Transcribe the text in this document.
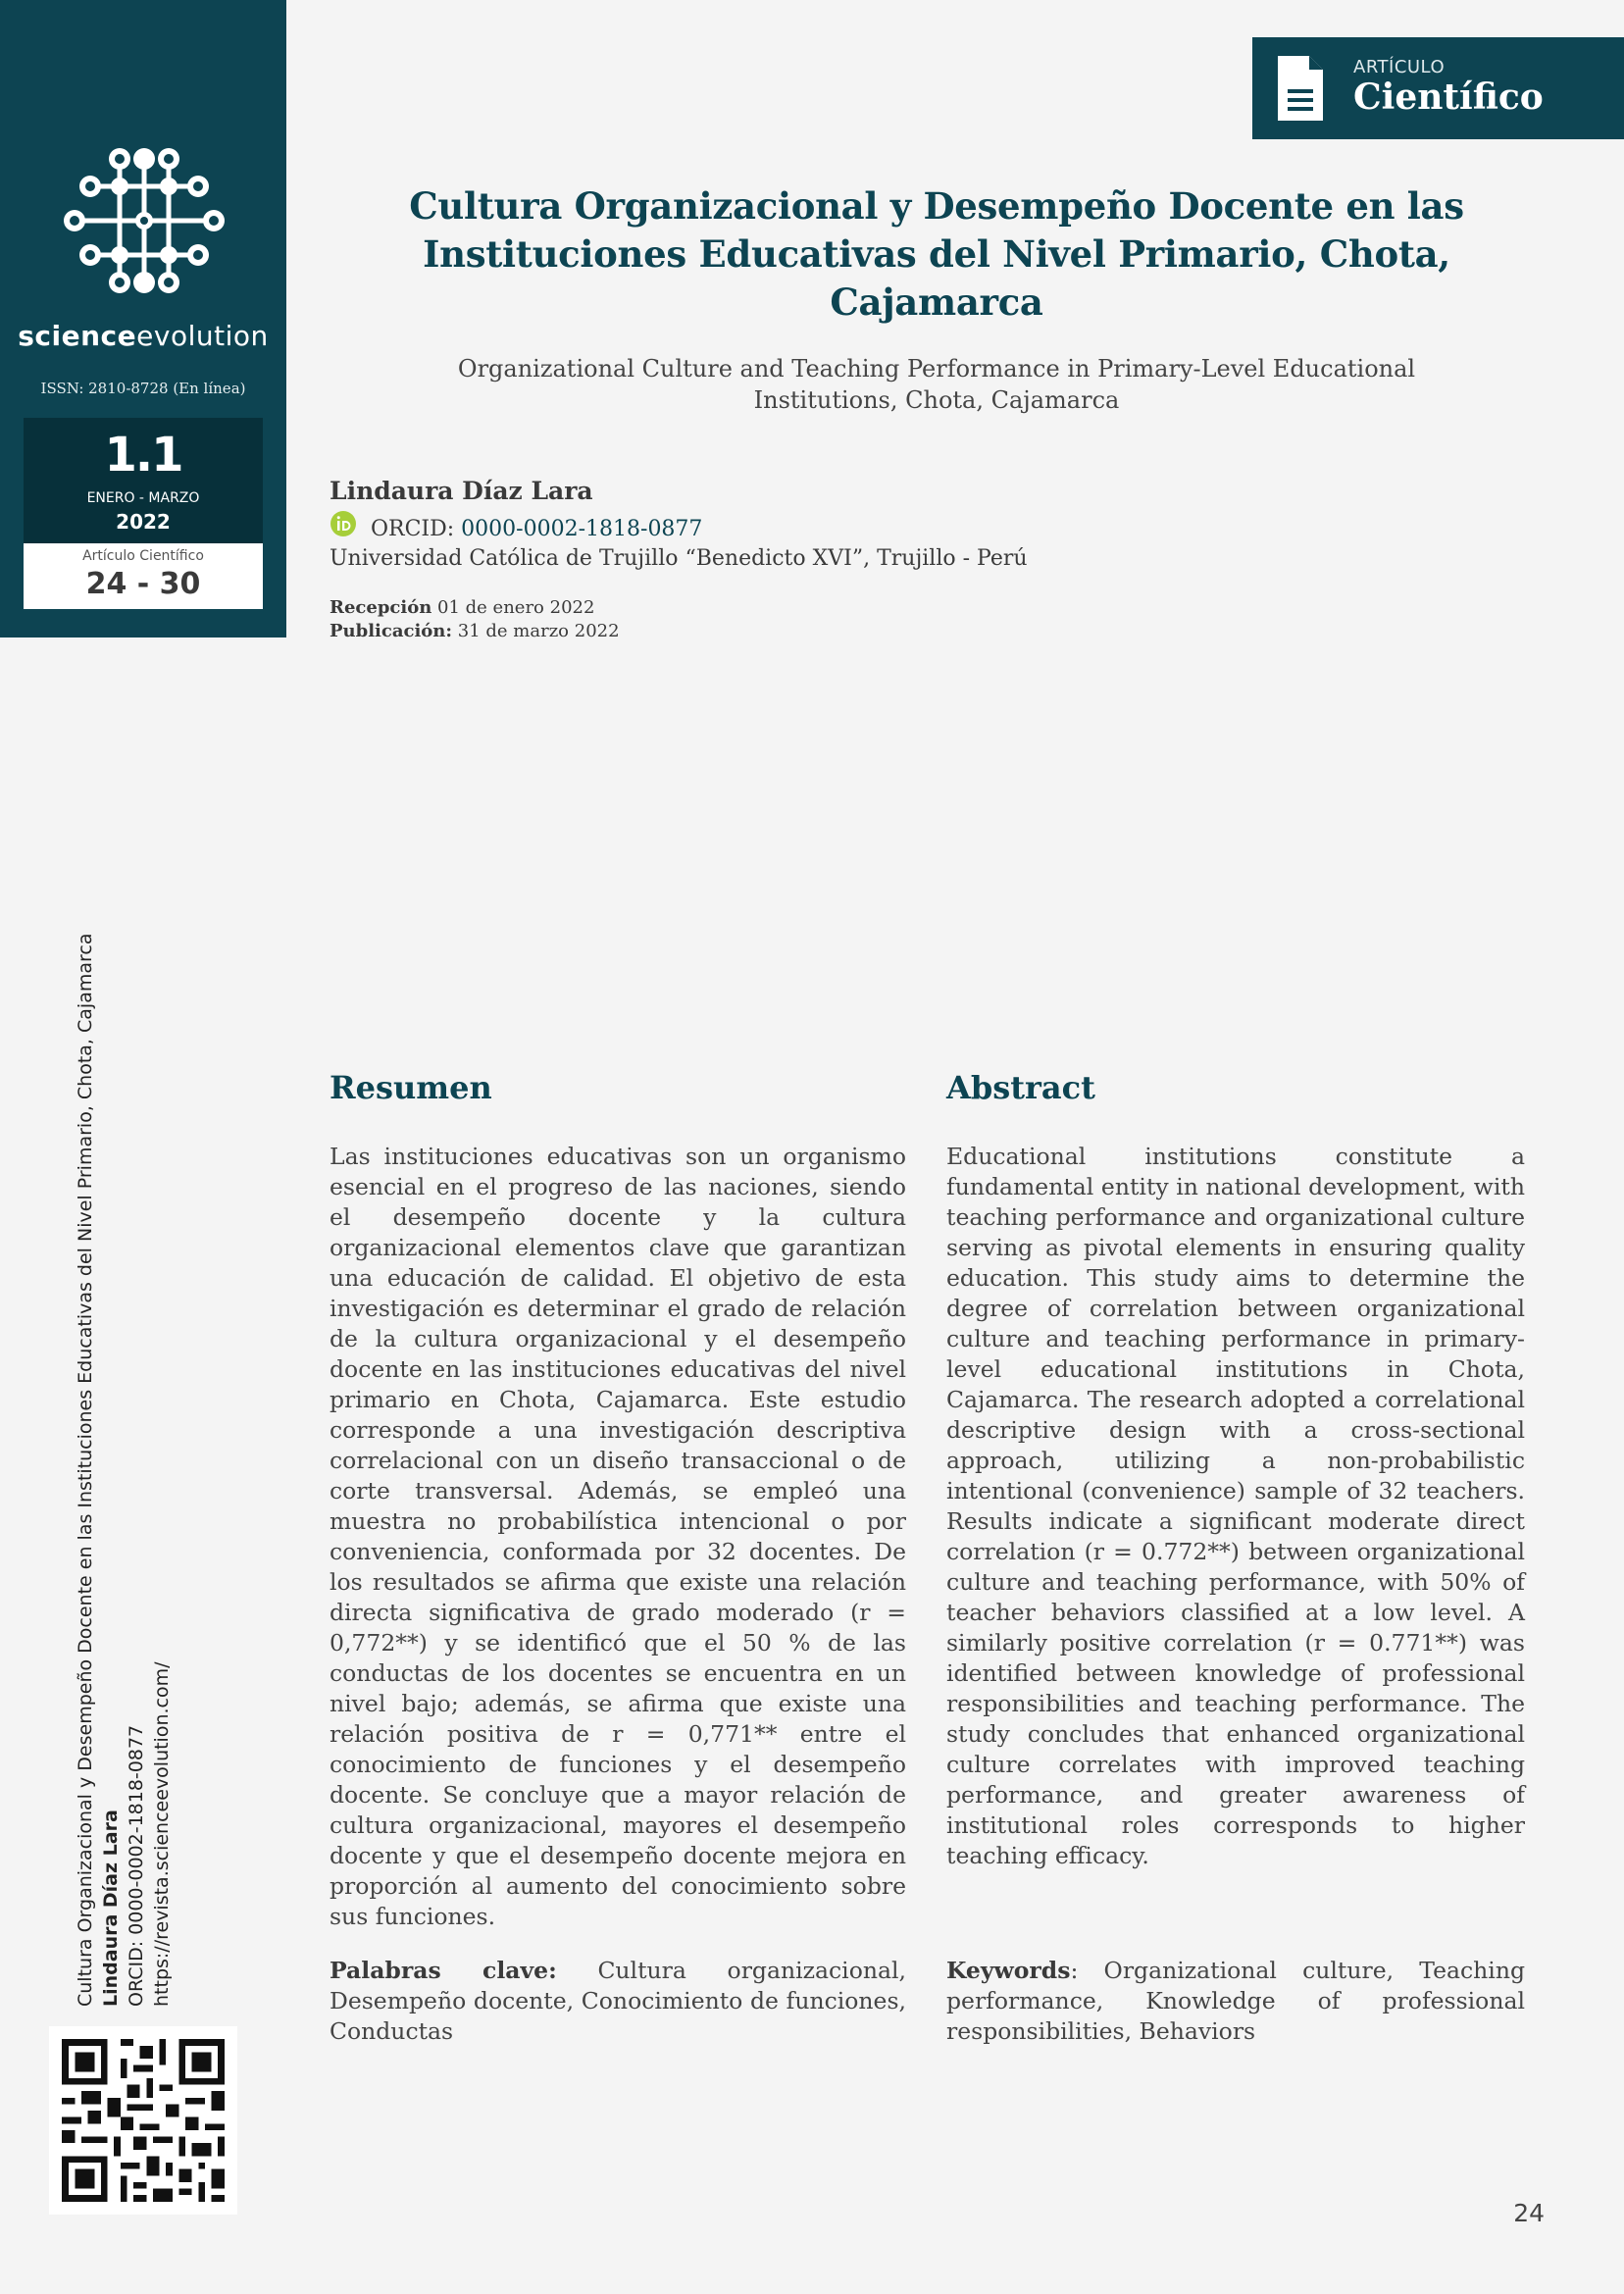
scienceevolution
ISSN: 2810-8728 (En línea)
1.1
ENERO - MARZO
2022
Artículo Científico
24 - 30
ARTÍCULO
Científico
Cultura Organizacional y Desempeño Docente en las Instituciones Educativas del Nivel Primario, Chota, Cajamarca
Organizational Culture and Teaching Performance in Primary-Level Educational Institutions, Chota, Cajamarca
Lindaura Díaz Lara
ORCID: 0000-0002-1818-0877
Universidad Católica de Trujillo “Benedicto XVI”, Trujillo - Perú
Recepción 01 de enero 2022
Publicación: 31 de marzo 2022
Cultura Organizacional y Desempeño Docente en las Instituciones Educativas del Nivel Primario, Chota, Cajamarca Lindaura Díaz Lara ORCID: 0000-0002-1818-0877 https://revista.scienceevolution.com/
Resumen
Las instituciones educativas son un organismo esencial en el progreso de las naciones, siendo el desempeño docente y la cultura organizacional elementos clave que garantizan una educación de calidad. El objetivo de esta investigación es determinar el grado de relación de la cultura organizacional y el desempeño docente en las instituciones educativas del nivel primario en Chota, Cajamarca. Este estudio corresponde a una investigación descriptiva correlacional con un diseño transaccional o de corte transversal. Además, se empleó una muestra no probabilística intencional o por conveniencia, conformada por 32 docentes. De los resultados se afirma que existe una relación directa significativa de grado moderado (r = 0,772**) y se identificó que el 50 % de las conductas de los docentes se encuentra en un nivel bajo; además, se afirma que existe una relación positiva de r = 0,771** entre el conocimiento de funciones y el desempeño docente. Se concluye que a mayor relación de cultura organizacional, mayores el desempeño docente y que el desempeño docente mejora en proporción al aumento del conocimiento sobre sus funciones.
Palabras clave: Cultura organizacional, Desempeño docente, Conocimiento de funciones, Conductas
Abstract
Educational institutions constitute a fundamental entity in national development, with teaching performance and organizational culture serving as pivotal elements in ensuring quality education. This study aims to determine the degree of correlation between organizational culture and teaching performance in primary-level educational institutions in Chota, Cajamarca. The research adopted a correlational descriptive design with a cross-sectional approach, utilizing a non-probabilistic intentional (convenience) sample of 32 teachers. Results indicate a significant moderate direct correlation (r = 0.772**) between organizational culture and teaching performance, with 50% of teacher behaviors classified at a low level. A similarly positive correlation (r = 0.771**) was identified between knowledge of professional responsibilities and teaching performance. The study concludes that enhanced organizational culture correlates with improved teaching performance, and greater awareness of institutional roles corresponds to higher teaching efficacy.
Keywords: Organizational culture, Teaching performance, Knowledge of professional responsibilities, Behaviors
24
